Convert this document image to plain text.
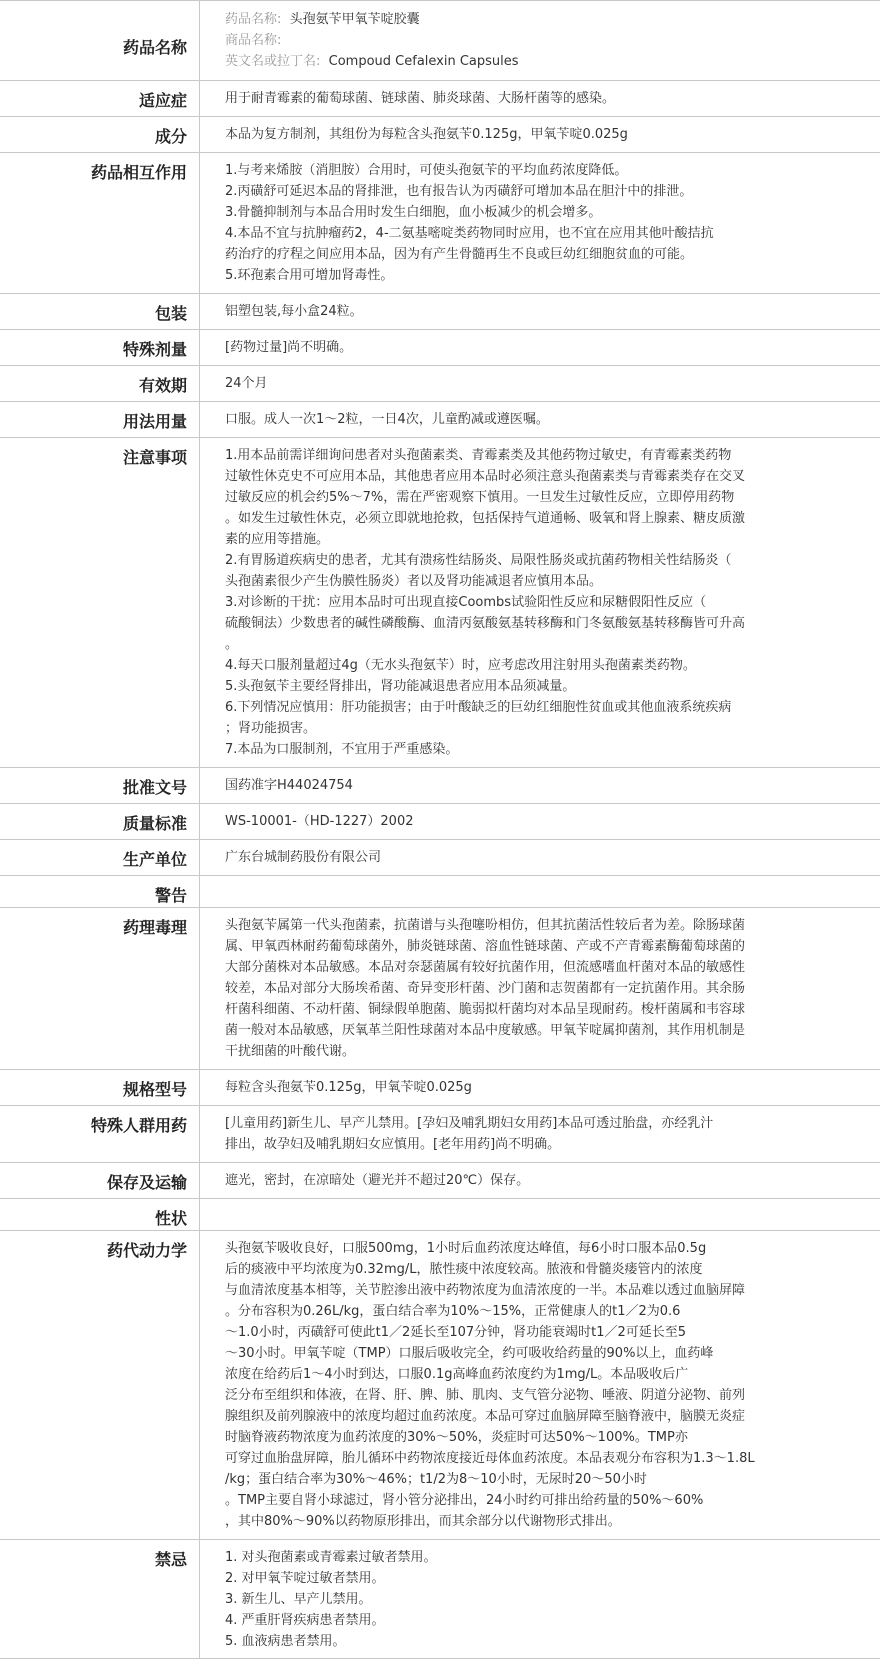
药品名称
药品名称:  头孢氨苄甲氧苄啶胶囊
商品名称:
英文名或拉丁名:  Compoud Cefalexin Capsules
适应症	用于耐青霉素的葡萄球菌、链球菌、肺炎球菌、大肠杆菌等的感染。
成分	本品为复方制剂，其组份为每粒含头孢氨苄0.125g，甲氧苄啶0.025g
药品相互作用	1.与考来烯胺（消胆胺）合用时，可使头孢氨苄的平均血药浓度降低。
2.丙磺舒可延迟本品的肾排泄，也有报告认为丙磺舒可增加本品在胆汁中的排泄。
3.骨髓抑制剂与本品合用时发生白细胞，血小板减少的机会增多。
4.本品不宜与抗肿瘤药2，4-二氨基嘧啶类药物同时应用，也不宜在应用其他叶酸拮抗
药治疗的疗程之间应用本品，因为有产生骨髓再生不良或巨幼红细胞贫血的可能。
5.环孢素合用可增加肾毒性。
包装	铝塑包装,每小盒24粒。
特殊剂量	[药物过量]尚不明确。
有效期	24个月
用法用量	口服。成人一次1～2粒，一日4次，儿童酌减或遵医嘱。
注意事项	1.用本品前需详细询问患者对头孢菌素类、青霉素类及其他药物过敏史，有青霉素类药物
过敏性休克史不可应用本品，其他患者应用本品时必须注意头孢菌素类与青霉素类存在交叉
过敏反应的机会约5%～7%，需在严密观察下慎用。一旦发生过敏性反应，立即停用药物
。如发生过敏性休克，必须立即就地抢救，包括保持气道通畅、吸氧和肾上腺素、糖皮质激
素的应用等措施。
2.有胃肠道疾病史的患者，尤其有溃疡性结肠炎、局限性肠炎或抗菌药物相关性结肠炎（
头孢菌素很少产生伪膜性肠炎）者以及肾功能减退者应慎用本品。
3.对诊断的干扰：应用本品时可出现直接Coombs试验阳性反应和尿糖假阳性反应（
硫酸铜法）少数患者的碱性磷酸酶、血清丙氨酸氨基转移酶和门冬氨酸氨基转移酶皆可升高
。
4.每天口服剂量超过4g（无水头孢氨苄）时，应考虑改用注射用头孢菌素类药物。
5.头孢氨苄主要经肾排出，肾功能减退患者应用本品须减量。
6.下列情况应慎用：肝功能损害；由于叶酸缺乏的巨幼红细胞性贫血或其他血液系统疾病
；肾功能损害。
7.本品为口服制剂，不宜用于严重感染。
批准文号	国药准字H44024754
质量标准	WS-10001-（HD-1227）2002
生产单位	广东台城制药股份有限公司
警告
药理毒理	头孢氨苄属第一代头孢菌素，抗菌谱与头孢噻吩相仿，但其抗菌活性较后者为差。除肠球菌
属、甲氧西林耐药葡萄球菌外，肺炎链球菌、溶血性链球菌、产或不产青霉素酶葡萄球菌的
大部分菌株对本品敏感。本品对奈瑟菌属有较好抗菌作用，但流感嗜血杆菌对本品的敏感性
较差，本品对部分大肠埃希菌、奇异变形杆菌、沙门菌和志贺菌都有一定抗菌作用。其余肠
杆菌科细菌、不动杆菌、铜绿假单胞菌、脆弱拟杆菌均对本品呈现耐药。梭杆菌属和韦容球
菌一般对本品敏感，厌氧革兰阳性球菌对本品中度敏感。甲氧苄啶属抑菌剂，其作用机制是
干扰细菌的叶酸代谢。
规格型号	每粒含头孢氨苄0.125g，甲氧苄啶0.025g
特殊人群用药	[儿童用药]新生儿、早产儿禁用。[孕妇及哺乳期妇女用药]本品可透过胎盘，亦经乳汁
排出，故孕妇及哺乳期妇女应慎用。[老年用药]尚不明确。
保存及运输	遮光，密封，在凉暗处（避光并不超过20℃）保存。
性状
药代动力学	头孢氨苄吸收良好，口服500mg，1小时后血药浓度达峰值，每6小时口服本品0.5g
后的痰液中平均浓度为0.32mg/L，脓性痰中浓度较高。脓液和骨髓炎瘘管内的浓度
与血清浓度基本相等，关节腔渗出液中药物浓度为血清浓度的一半。本品难以透过血脑屏障
。分布容积为0.26L/kg，蛋白结合率为10%～15%，正常健康人的t1／2为0.6
～1.0小时，丙磺舒可使此t1／2延长至107分钟，肾功能衰竭时t1／2可延长至5
～30小时。甲氧苄啶（TMP）口服后吸收完全，约可吸收给药量的90%以上，血药峰
浓度在给药后1～4小时到达，口服0.1g高峰血药浓度约为1mg/L。本品吸收后广
泛分布至组织和体液，在肾、肝、脾、肺、肌肉、支气管分泌物、唾液、阴道分泌物、前列
腺组织及前列腺液中的浓度均超过血药浓度。本品可穿过血脑屏障至脑脊液中，脑膜无炎症
时脑脊液药物浓度为血药浓度的30%～50%，炎症时可达50%～100%。TMP亦
可穿过血胎盘屏障，胎儿循环中药物浓度接近母体血药浓度。本品表观分布容积为1.3～1.8L
/kg；蛋白结合率为30%～46%；t1/2为8～10小时，无尿时20～50小时
。TMP主要自肾小球滤过，肾小管分泌排出，24小时约可排出给药量的50%～60%
，其中80%～90%以药物原形排出，而其余部分以代谢物形式排出。
禁忌	1. 对头孢菌素或青霉素过敏者禁用。
2. 对甲氧苄啶过敏者禁用。
3. 新生儿、早产儿禁用。
4. 严重肝肾疾病患者禁用。
5. 血液病患者禁用。
